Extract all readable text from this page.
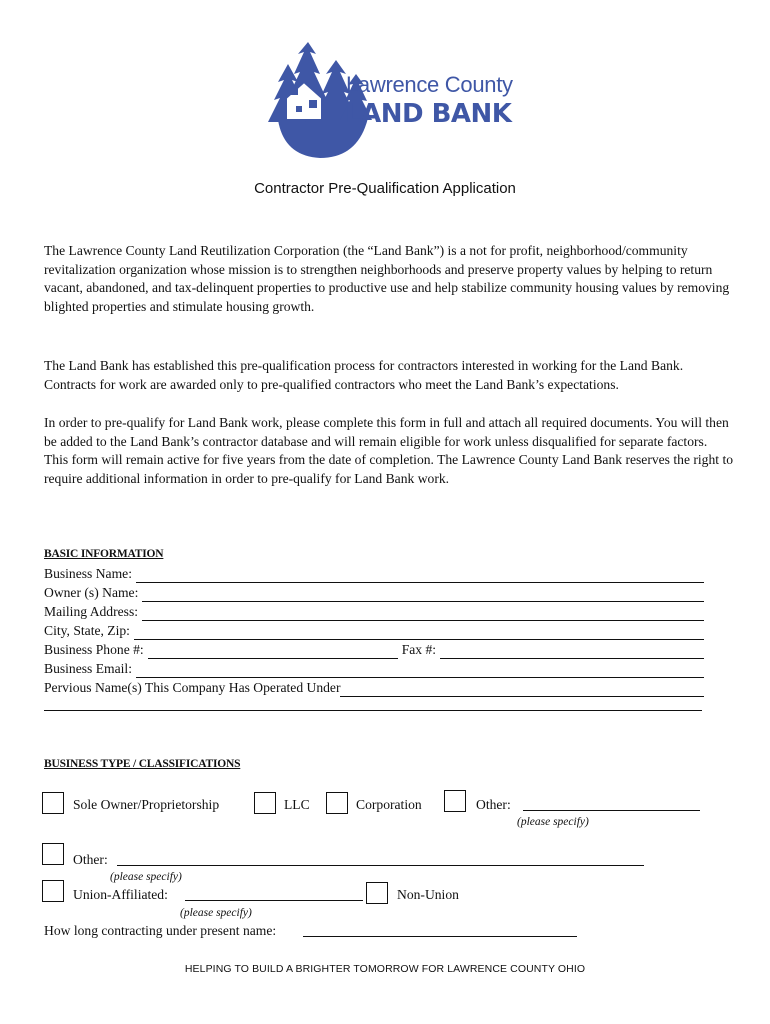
Lawrence County
LAND BANK
Contractor Pre-Qualification Application
The Lawrence County Land Reutilization Corporation (the “Land Bank”) is a not for profit, neighborhood/community revitalization organization whose mission is to strengthen neighborhoods and preserve property values by helping to return vacant, abandoned, and tax-delinquent properties to productive use and help stabilize community housing values by removing blighted properties and stimulate housing growth.
The Land Bank has established this pre-qualification process for contractors interested in working for the Land Bank. Contracts for work are awarded only to pre-qualified contractors who meet the Land Bank’s expectations.
In order to pre-qualify for Land Bank work, please complete this form in full and attach all required documents. You will then be added to the Land Bank’s contractor database and will remain eligible for work unless disqualified for separate factors. This form will remain active for five years from the date of completion. The Lawrence County Land Bank reserves the right to require additional information in order to pre-qualify for Land Bank work.
BASIC INFORMATION
Business Name:
Owner (s) Name:
Mailing Address:
City, State, Zip:
Business Phone #:	Fax #:
Business Email:
Pervious Name(s) This Company Has Operated Under
BUSINESS TYPE / CLASSIFICATIONS
Sole Owner/Proprietorship	LLC	Corporation	Other:
(please specify)
Other:
(please specify)
Union-Affiliated:
(please specify)
Non-Union
How long contracting under present name:
HELPING TO BUILD A BRIGHTER TOMORROW FOR LAWRENCE COUNTY OHIO
